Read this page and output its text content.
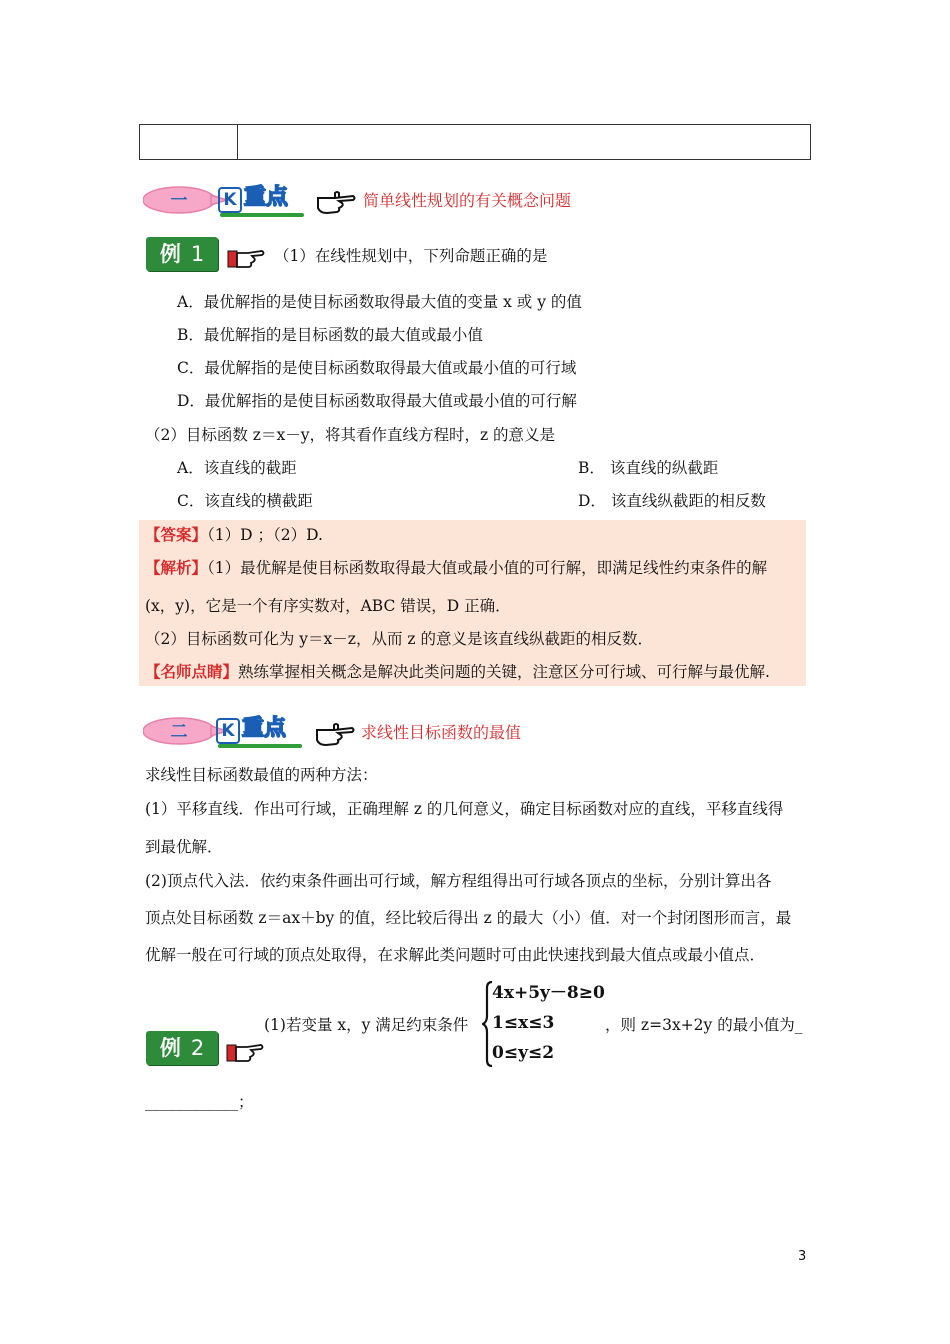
一	K 重点	简单线性规划的有关概念问题
例 1	（1）在线性规划中，下列命题正确的是
A．最优解指的是使目标函数取得最大值的变量 x 或 y 的值
B．最优解指的是目标函数的最大值或最小值
C．最优解指的是使目标函数取得最大值或最小值的可行域
D．最优解指的是使目标函数取得最大值或最小值的可行解
（2）目标函数 z＝x－y，将其看作直线方程时，z 的意义是
A．该直线的截距	B． 该直线的纵截距
C．该直线的横截距	D． 该直线纵截距的相反数
【答案】（1）D ；（2）D.
【解析】（1）最优解是使目标函数取得最大值或最小值的可行解，即满足线性约束条件的解
(x，y)，它是一个有序实数对，ABC 错误，D 正确．
（2）目标函数可化为 y＝x－z，从而 z 的意义是该直线纵截距的相反数．
【名师点睛】熟练掌握相关概念是解决此类问题的关键，注意区分可行域、可行解与最优解.
二	K 重点	求线性目标函数的最值
求线性目标函数最值的两种方法：
(1）平移直线．作出可行域，正确理解 z 的几何意义，确定目标函数对应的直线，平移直线得
到最优解．
(2)顶点代入法．依约束条件画出可行域，解方程组得出可行域各顶点的坐标，分别计算出各
顶点处目标函数 z＝ax＋by 的值，经比较后得出 z 的最大（小）值．对一个封闭图形而言，最
优解一般在可行域的顶点处取得，在求解此类问题时可由此快速找到最大值点或最小值点．
例 2
(1)若变量 x，y 满足约束条件
4x+5y－8≥0
1≤x≤3
0≤y≤2
，则 z=3x+2y 的最小值为_
____________；
3
